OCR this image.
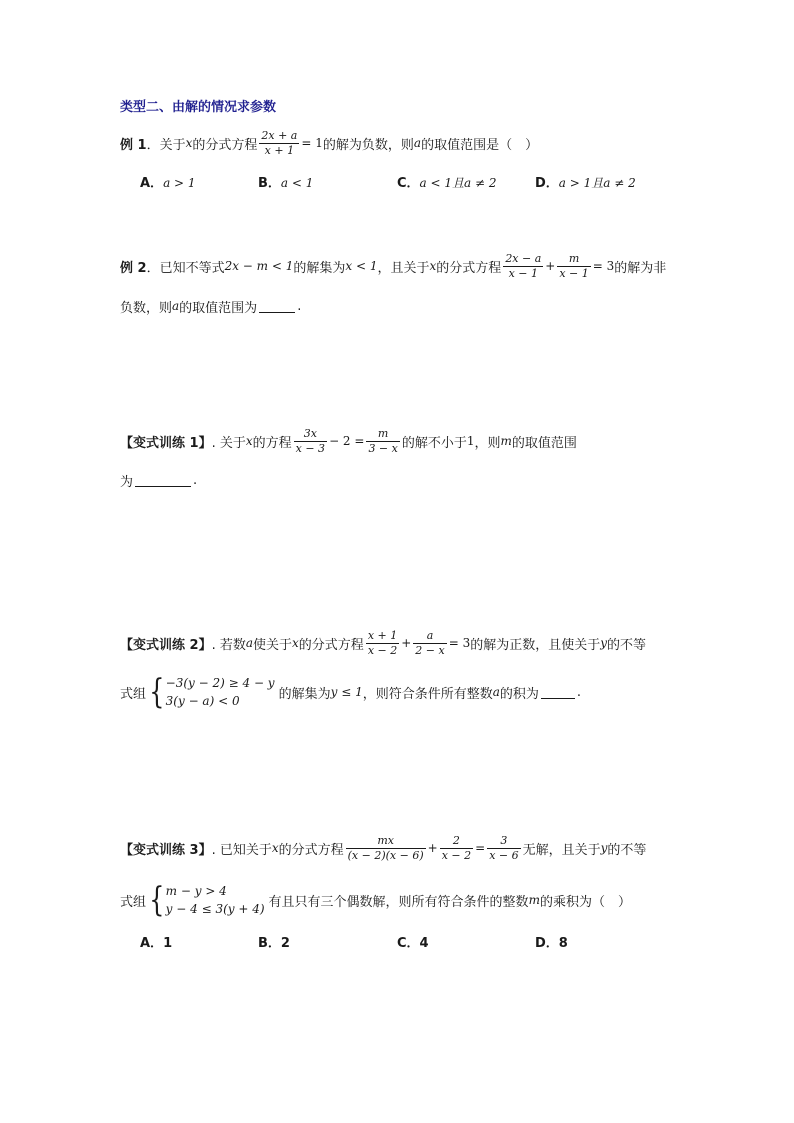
类型二、由解的情况求参数
例 1 ．关于 x 的分式方程 $\frac{2x + a}{x + 1} = 1$ 的解为负数，则 a 的取值范围是（　）
A．a > 1	B．a < 1	C．a < 1且a ≠ 2	D．a > 1且a ≠ 2
例 2 ．已知不等式 2x − m < 1 的解集为 x < 1 ，且关于 x 的分式方程 $\frac{2x - a}{x - 1} + \frac{m}{x - 1} = 3$ 的解为非
负数，则 a 的取值范围为	.
【变式训练 1】 . 关于 x 的方程 $\frac{3x}{x - 3} - 2 = \frac{m}{3 - x}$ 的解不小于 1 ，则 m 的取值范围
为	.
【变式训练 2】 . 若数 a 使关于 x 的分式方程 $\frac{x + 1}{x - 2} + \frac{a}{2 - x} = 3$ 的解为正数，且使关于 y 的不等
式组 { −3(y − 2) ≥ 4 − y
3(y − a) < 0	的解集为 y ≤ 1 ，则符合条件所有整数 a 的积为	.
【变式训练 3】 . 已知关于 x 的分式方程 $\frac{mx}{(x - 2)(x - 6)} + \frac{2}{x - 2} = \frac{3}{x - 6}$ 无解，且关于 y 的不等
式组 { m − y > 4
y − 4 ≤ 3(y + 4) 有且只有三个偶数解，则所有符合条件的整数 m 的乘积为（　）
A．1	B．2	C．4	D．8
